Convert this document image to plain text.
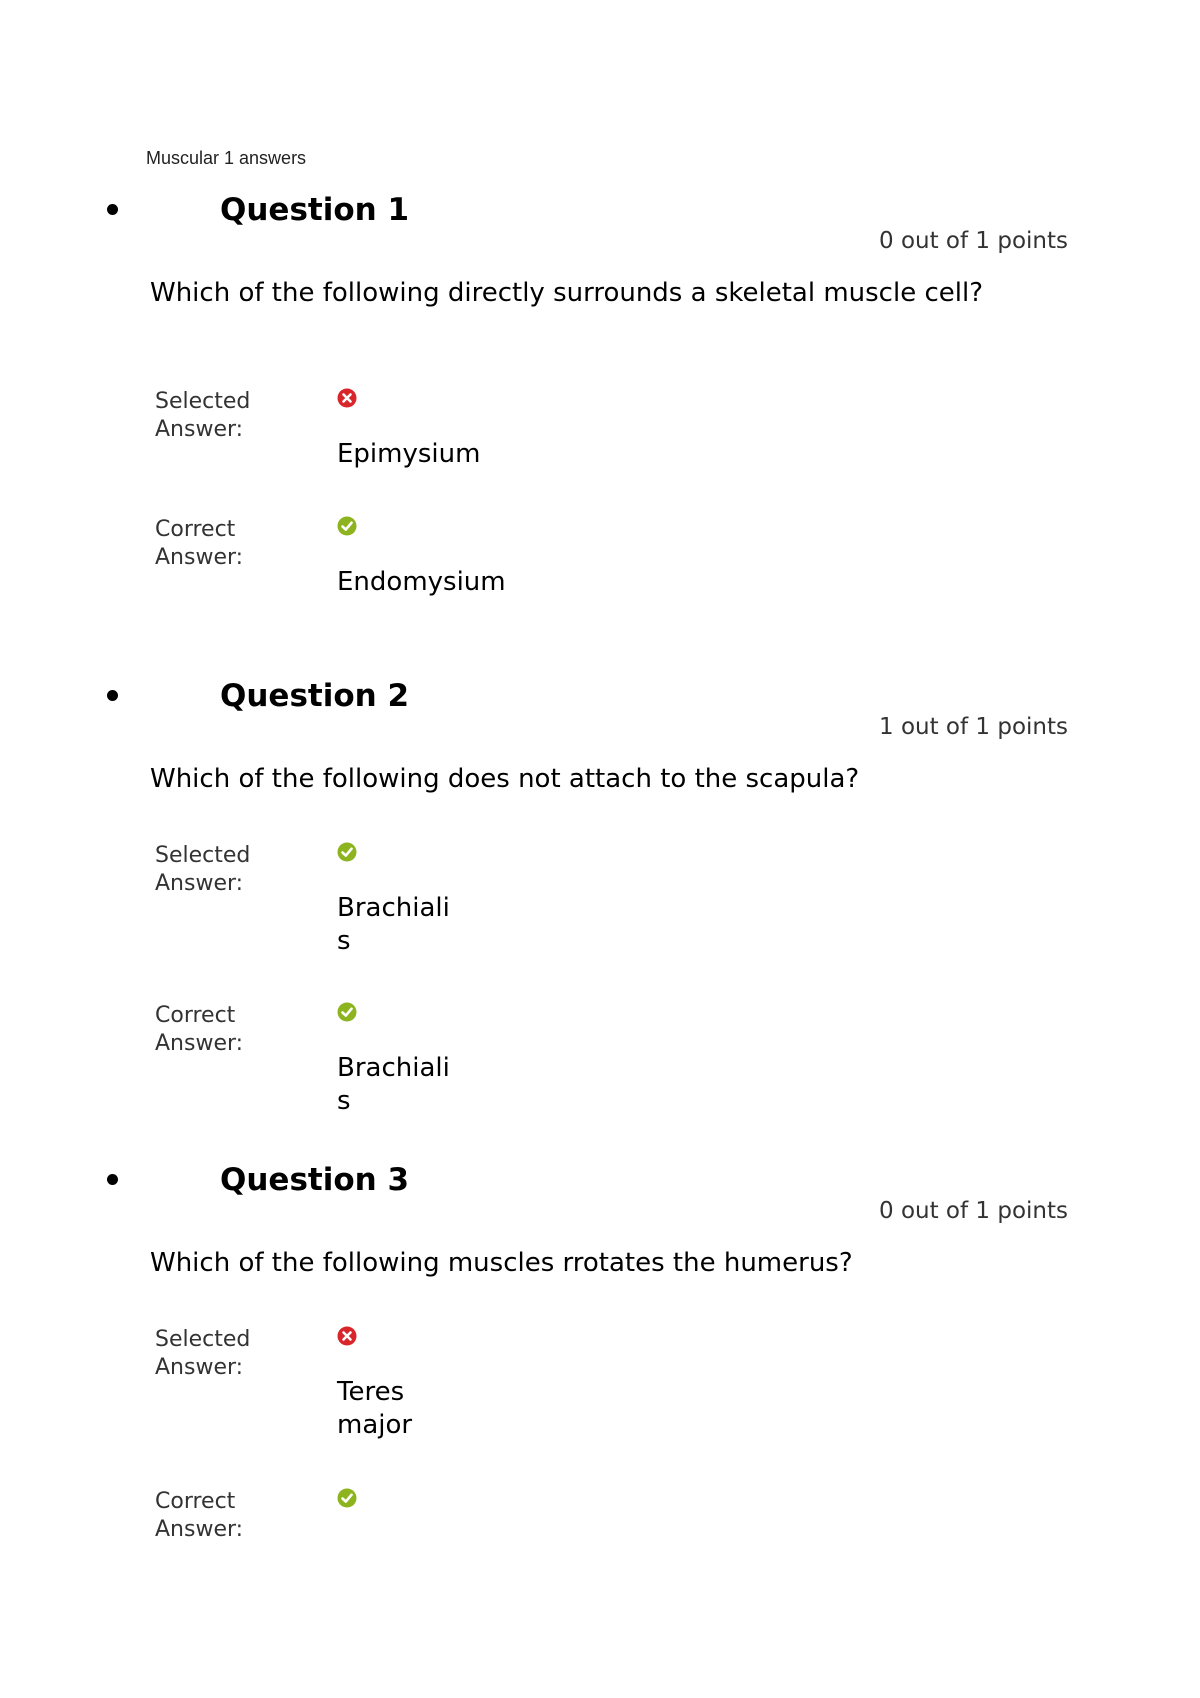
Muscular 1 answers
Question 1
0 out of 1 points
Which of the following directly surrounds a skeletal muscle cell?
Selected Answer:
Epimysium
Correct Answer:
Endomysium
Question 2
1 out of 1 points
Which of the following does not attach to the scapula?
Selected Answer:
Brachialis
Correct Answer:
Brachialis
Question 3
0 out of 1 points
Which of the following muscles rrotates the humerus?
Selected Answer:
Teres major
Correct Answer:
